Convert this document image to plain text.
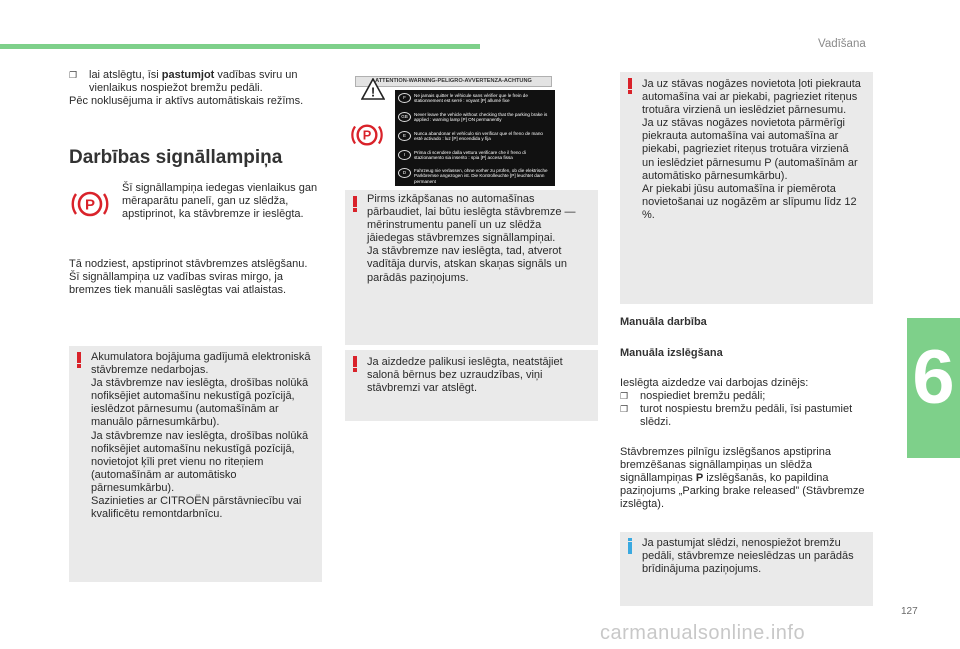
Vadīšana
❐	lai atslēgtu, īsi pastumjot vadības sviru un vienlaikus nospiežot bremžu pedāli.
Pēc noklusējuma ir aktīvs automātiskais režīms.
Darbības signāllampiņa
P
Šī signāllampiņa iedegas vienlaikus gan mēraparātu panelī, gan uz slēdža, apstiprinot, ka stāvbremze ir ieslēgta.
Tā nodziest, apstiprinot stāvbremzes atslēgšanu.
Šī signāllampiņa uz vadības sviras mirgo, ja bremzes tiek manuāli saslēgtas vai atlaistas.
Akumulatora bojājuma gadījumā elektroniskā stāvbremze nedarbojas.
Ja stāvbremze nav ieslēgta, drošības nolūkā nofiksējiet automašīnu nekustīgā pozīcijā, ieslēdzot pārnesumu (automašīnām ar manuālo pārnesumkārbu).
Ja stāvbremze nav ieslēgta, drošības nolūkā nofiksējiet automašīnu nekustīgā pozīcijā, novietojot ķīli pret vienu no riteņiem (automašīnām ar automātisko pārnesumkārbu).
Sazinieties ar CITROËN pārstāvniecību vai kvalificētu remontdarbnīcu.
ATTENTION-WARNING-PELIGRO-AVVERTENZA-ACHTUNG
!
P
F	Ne jamais quitter le véhicule sans vérifier que le frein de stationnement est serré : voyant [P] allumé fixe
GB	Never leave the vehicle without checking that the parking brake is applied : warning lamp [P] ON permanently
E	Nunca abandonar el vehículo sin verificar que el freno de mano esté activado : luz [P] encendida y fija
I	Prima di scendere dalla vettura verificare che il freno di stazionamento sia inserito : spia [P] accesa fissa
D	Fahrzeug nie verlassen, ohne vorher zu prüfen, ob die elektrische Parkbremse angezogen ist. Die Kontrolleuchte [P] leuchtet dann permanent
Pirms izkāpšanas no automašīnas pārbaudiet, lai būtu ieslēgta stāvbremze — mērinstrumentu panelī un uz slēdža jāiedegas stāvbremzes signāllampiņai.
Ja stāvbremze nav ieslēgta, tad, atverot vadītāja durvis, atskan skaņas signāls un parādās paziņojums.
Ja aizdedze palikusi ieslēgta, neatstājiet salonā bērnus bez uzraudzības, viņi stāvbremzi var atslēgt.
Ja uz stāvas nogāzes novietota ļoti piekrauta automašīna vai ar piekabi, pagrieziet riteņus trotuāra virzienā un ieslēdziet pārnesumu.
Ja uz stāvas nogāzes novietota pārmērīgi piekrauta automašīna vai automašīna ar piekabi, pagrieziet riteņus trotuāra virzienā un ieslēdziet pārnesumu P (automašīnām ar automātisko pārnesumkārbu).
Ar piekabi jūsu automašīna ir piemērota novietošanai uz nogāzēm ar slīpumu līdz 12 %.
Manuāla darbība
Manuāla izslēgšana
Ieslēgta aizdedze vai darbojas dzinējs:
❐	nospiediet bremžu pedāli;
❐	turot nospiestu bremžu pedāli, īsi pastumiet slēdzi.
Stāvbremzes pilnīgu izslēgšanos apstiprina bremzēšanas signāllampiņas un slēdža signāllampiņas P izslēgšanās, ko papildina paziņojums „Parking brake released” (Stāvbremze izslēgta).
Ja pastumjat slēdzi, nenospiežot bremžu pedāli, stāvbremze neieslēdzas un parādās brīdinājuma paziņojums.
6
127
carmanualsonline.info
